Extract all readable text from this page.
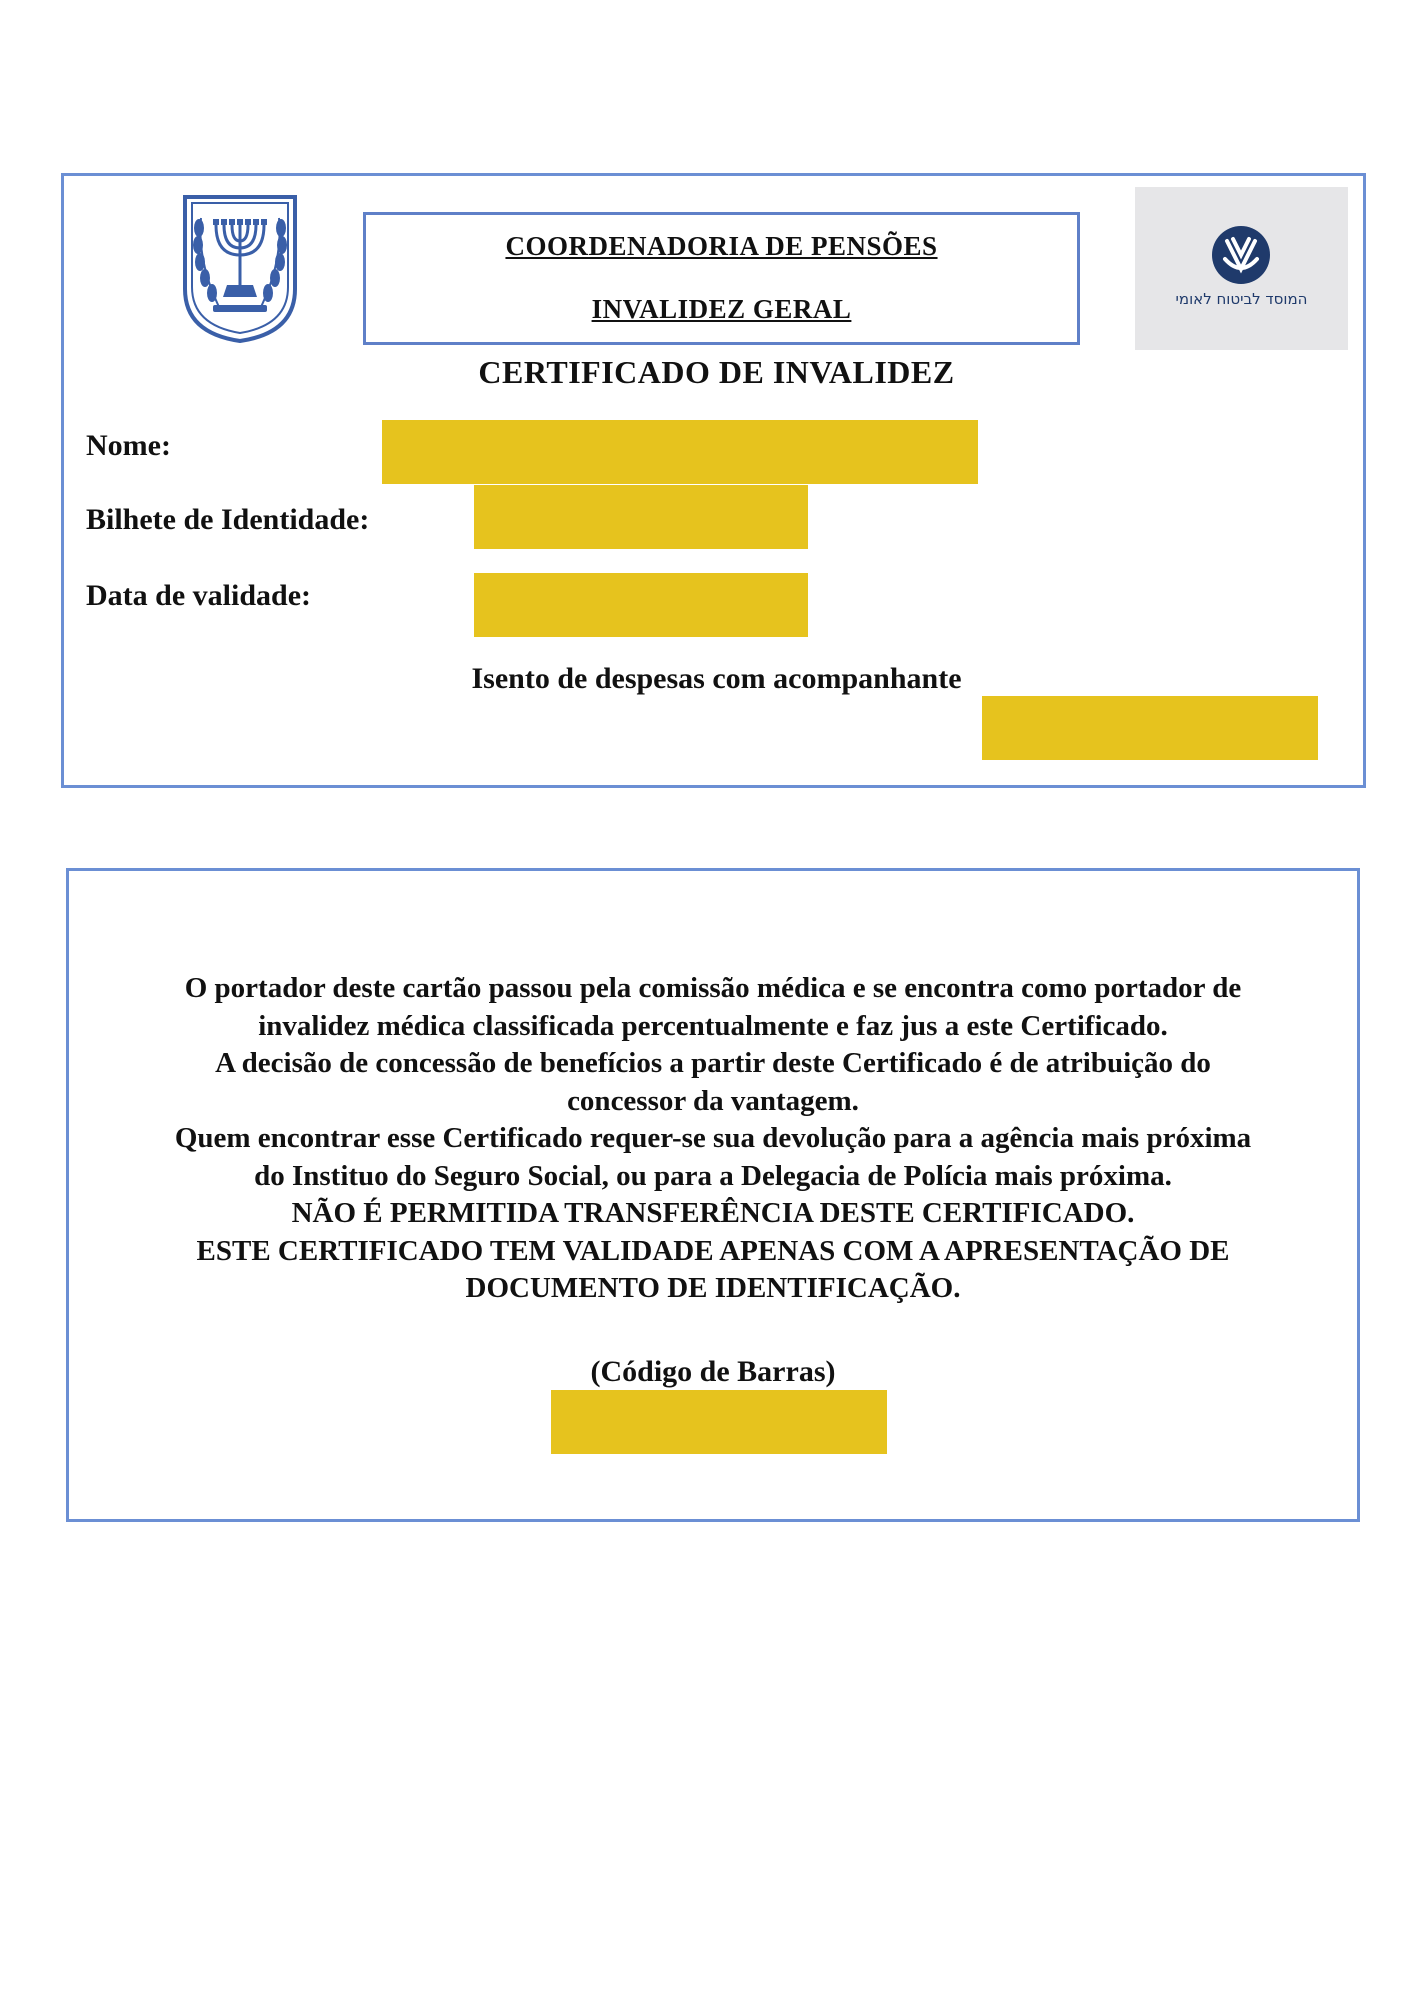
COORDENADORIA DE PENSÕES
INVALIDEZ GERAL	המוסד לביטוח לאומי
CERTIFICADO DE INVALIDEZ
Nome:
Bilhete de Identidade:
Data de validade:
Isento de despesas com acompanhante
O portador deste cartão passou pela comissão médica e se encontra como portador de
invalidez médica classificada percentualmente e faz jus a este Certificado.
A decisão de concessão de benefícios a partir deste Certificado é de atribuição do
concessor da vantagem.
Quem encontrar esse Certificado requer-se sua devolução para a agência mais próxima
do Instituo do Seguro Social, ou para a Delegacia de Polícia mais próxima.
NÃO É PERMITIDA TRANSFERÊNCIA DESTE CERTIFICADO.
ESTE CERTIFICADO TEM VALIDADE APENAS COM A APRESENTAÇÃO DE
DOCUMENTO DE IDENTIFICAÇÃO.
(Código de Barras)
